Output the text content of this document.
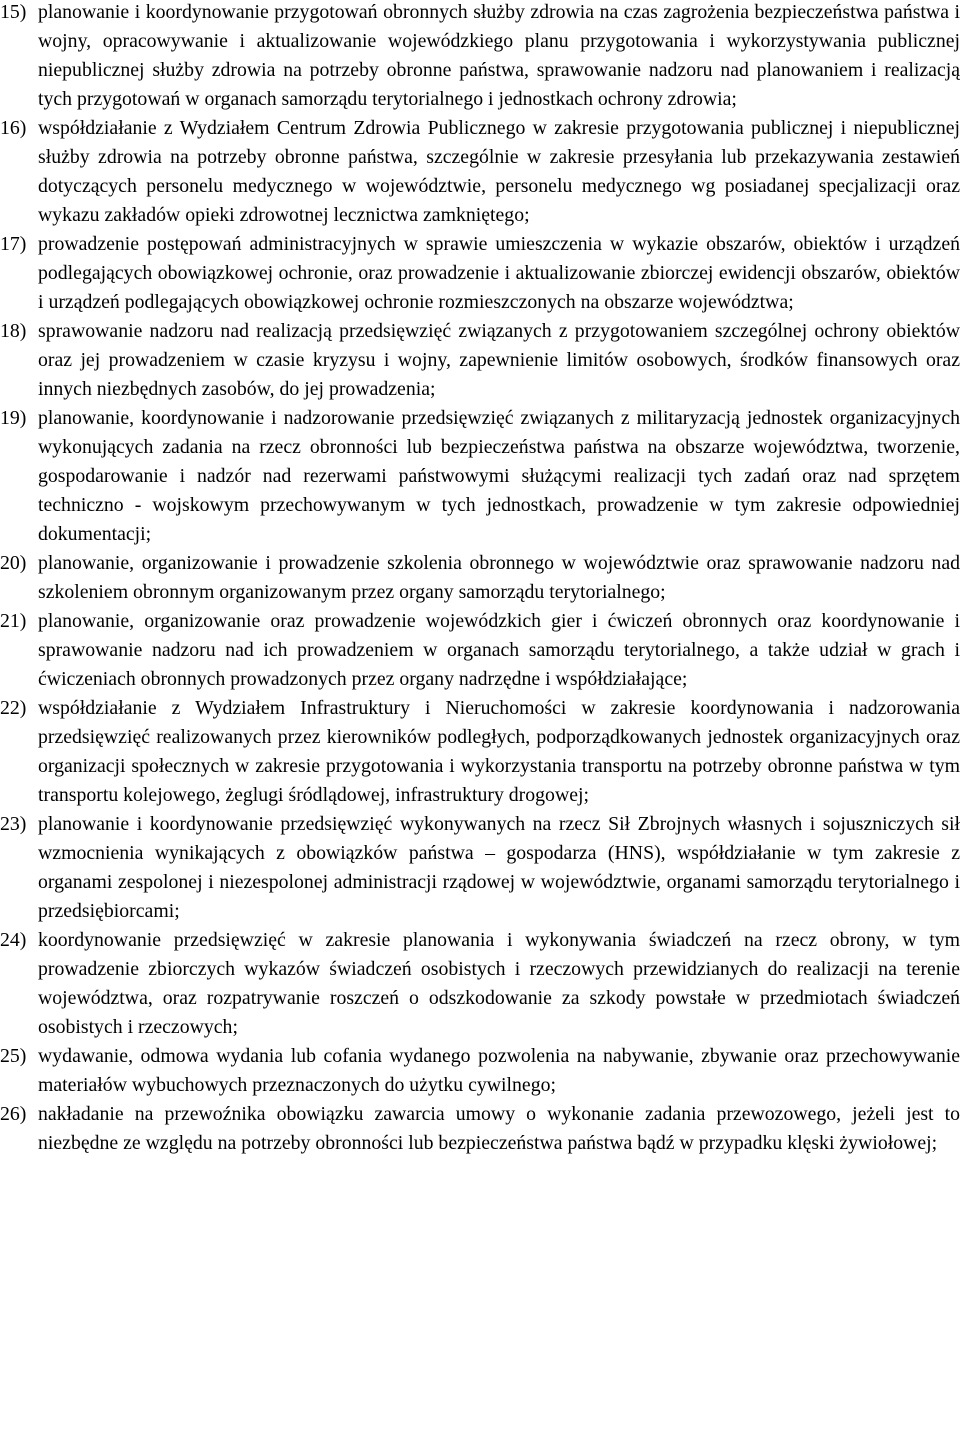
15) planowanie i koordynowanie przygotowań obronnych służby zdrowia na czas zagrożenia bezpieczeństwa państwa i wojny, opracowywanie i aktualizowanie wojewódzkiego planu przygotowania i wykorzystywania publicznej niepublicznej służby zdrowia na potrzeby obronne państwa, sprawowanie nadzoru nad planowaniem i realizacją tych przygotowań w organach samorządu terytorialnego i jednostkach ochrony zdrowia;
16) współdziałanie z Wydziałem Centrum Zdrowia Publicznego w zakresie przygotowania publicznej i niepublicznej służby zdrowia na potrzeby obronne państwa, szczególnie w zakresie przesyłania lub przekazywania zestawień dotyczących personelu medycznego w województwie, personelu medycznego wg posiadanej specjalizacji oraz wykazu zakładów opieki zdrowotnej lecznictwa zamkniętego;
17) prowadzenie postępowań administracyjnych w sprawie umieszczenia w wykazie obszarów, obiektów i urządzeń podlegających obowiązkowej ochronie, oraz prowadzenie i aktualizowanie zbiorczej ewidencji obszarów, obiektów i urządzeń podlegających obowiązkowej ochronie rozmieszczonych na obszarze województwa;
18) sprawowanie nadzoru nad realizacją przedsięwzięć związanych z przygotowaniem szczególnej ochrony obiektów oraz jej prowadzeniem w czasie kryzysu i wojny, zapewnienie limitów osobowych, środków finansowych oraz innych niezbędnych zasobów, do jej prowadzenia;
19) planowanie, koordynowanie i nadzorowanie przedsięwzięć związanych z militaryzacją jednostek organizacyjnych wykonujących zadania na rzecz obronności lub bezpieczeństwa państwa na obszarze województwa, tworzenie, gospodarowanie i nadzór nad rezerwami państwowymi służącymi realizacji tych zadań oraz nad sprzętem techniczno - wojskowym przechowywanym w tych jednostkach, prowadzenie w tym zakresie odpowiedniej dokumentacji;
20) planowanie, organizowanie i prowadzenie szkolenia obronnego w województwie oraz sprawowanie nadzoru nad szkoleniem obronnym organizowanym przez organy samorządu terytorialnego;
21) planowanie, organizowanie oraz prowadzenie wojewódzkich gier i ćwiczeń obronnych oraz koordynowanie i sprawowanie nadzoru nad ich prowadzeniem w organach samorządu terytorialnego, a także udział w grach i ćwiczeniach obronnych prowadzonych przez organy nadrzędne i współdziałające;
22) współdziałanie z Wydziałem Infrastruktury i Nieruchomości w zakresie koordynowania i nadzorowania przedsięwzięć realizowanych przez kierowników podległych, podporządkowanych jednostek organizacyjnych oraz organizacji społecznych w zakresie przygotowania i wykorzystania transportu na potrzeby obronne państwa w tym transportu kolejowego, żeglugi śródlądowej, infrastruktury drogowej;
23) planowanie i koordynowanie przedsięwzięć wykonywanych na rzecz Sił Zbrojnych własnych i sojuszniczych sił wzmocnienia wynikających z obowiązków państwa – gospodarza (HNS), współdziałanie w tym zakresie z organami zespolonej i niezespolonej administracji rządowej w województwie, organami samorządu terytorialnego i przedsiębiorcami;
24) koordynowanie przedsięwzięć w zakresie planowania i wykonywania świadczeń na rzecz obrony, w tym prowadzenie zbiorczych wykazów świadczeń osobistych i rzeczowych przewidzianych do realizacji na terenie województwa, oraz rozpatrywanie roszczeń o odszkodowanie za szkody powstałe w przedmiotach świadczeń osobistych i rzeczowych;
25) wydawanie, odmowa wydania lub cofania wydanego pozwolenia na nabywanie, zbywanie oraz przechowywanie materiałów wybuchowych przeznaczonych do użytku cywilnego;
26) nakładanie na przewoźnika obowiązku zawarcia umowy o wykonanie zadania przewozowego, jeżeli jest to niezbędne ze względu na potrzeby obronności lub bezpieczeństwa państwa bądź w przypadku klęski żywiołowej;
